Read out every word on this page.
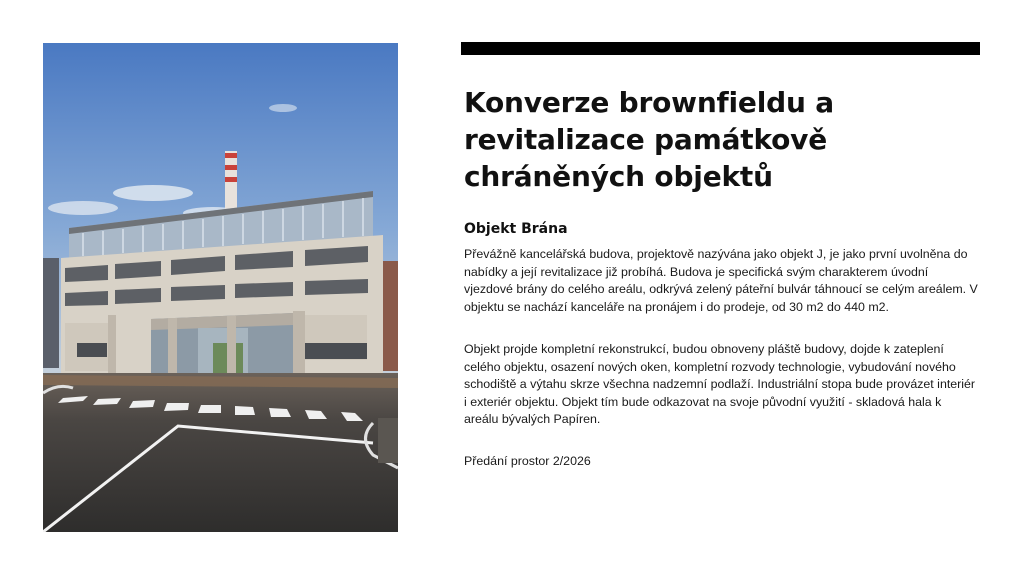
Konverze brownfieldu a revitalizace památkově chráněných objektů
Objekt Brána

Převážně kancelářská budova, projektově nazývána jako objekt J, je jako první uvolněna do nabídky a její revitalizace již probíhá. Budova je specifická svým charakterem úvodní vjezdové brány do celého areálu, odkrývá zelený páteřní bulvár táhnoucí se celým areálem. V objektu se nachází kanceláře na pronájem i do prodeje, od 30 m2 do 440 m2.

Objekt projde kompletní rekonstrukcí, budou obnoveny pláště budovy, dojde k zateplení celého objektu, osazení nových oken, kompletní rozvody technologie, vybudování nového schodiště a výtahu skrze všechna nadzemní podlaží. Industriální stopa bude provázet interiér i exteriér objektu. Objekt tím bude odkazovat na svoje původní využití - skladová hala k areálu bývalých Papíren.

Předání prostor 2/2026
